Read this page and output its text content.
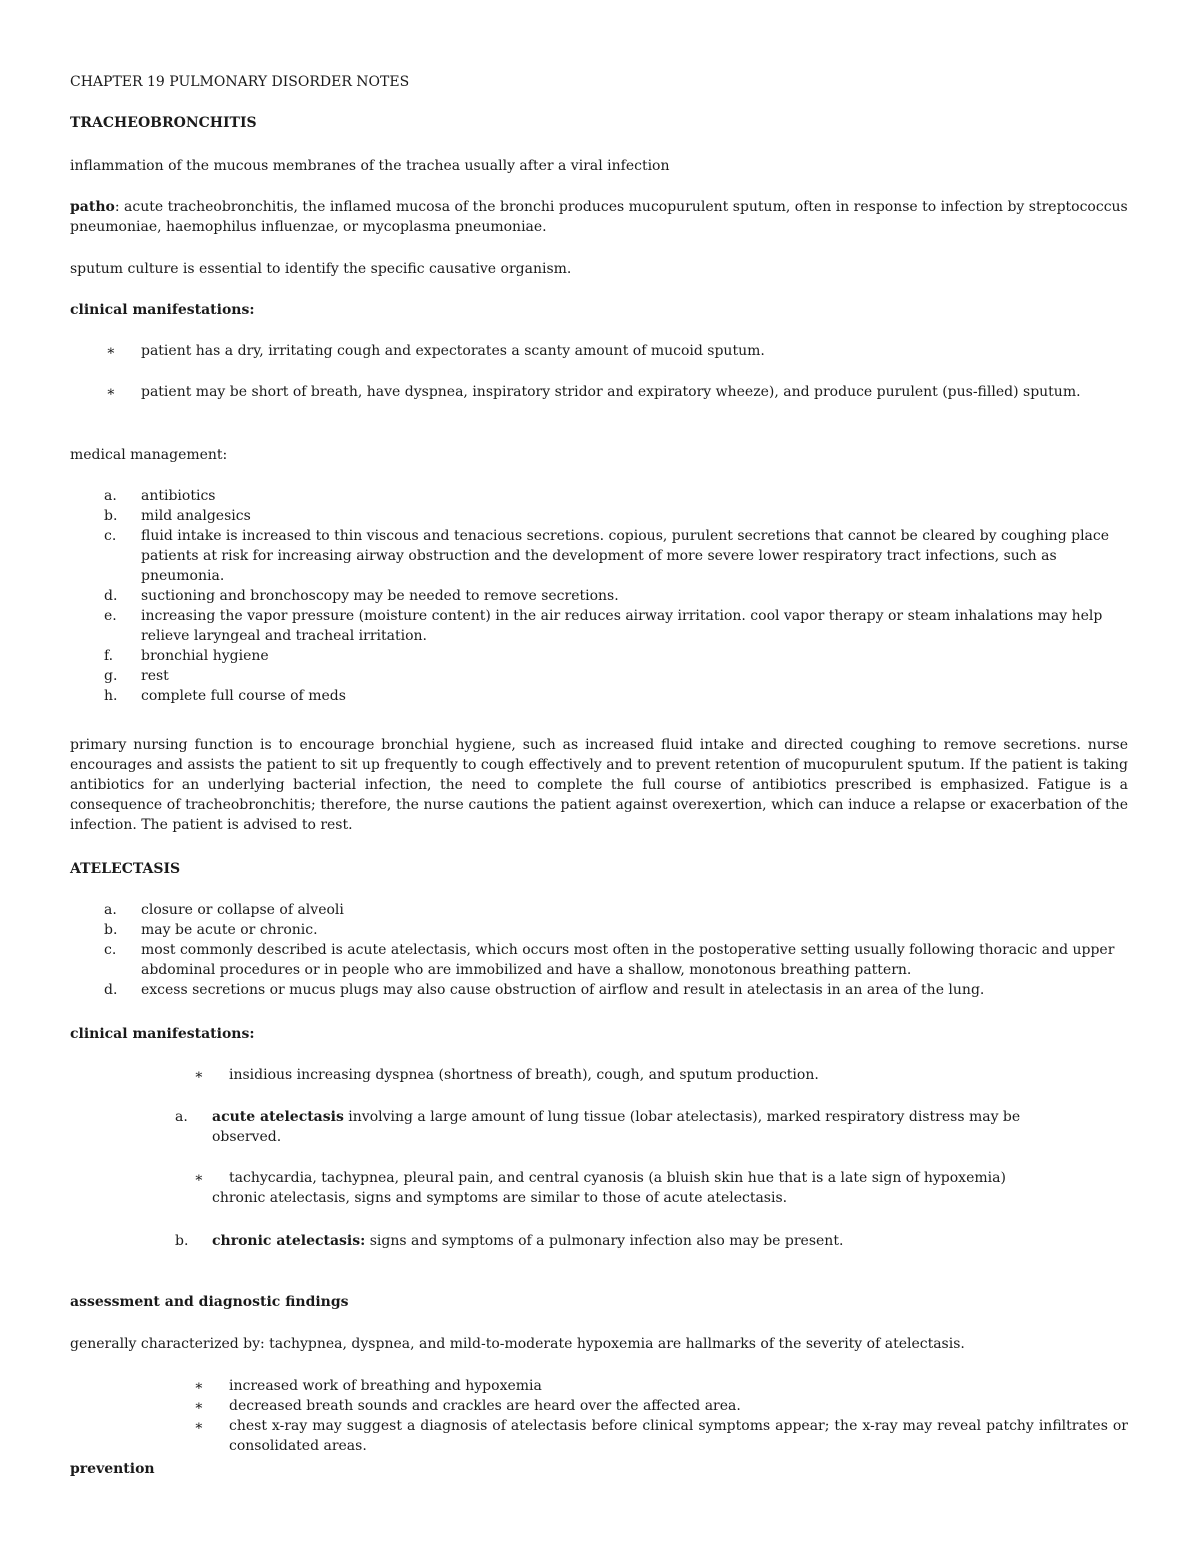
CHAPTER 19 PULMONARY DISORDER NOTES

TRACHEOBRONCHITIS

inflammation of the mucous membranes of the trachea usually after a viral infection

patho: acute tracheobronchitis, the inflamed mucosa of the bronchi produces mucopurulent sputum, often in response to infection by streptococcus pneumoniae, haemophilus influenzae, or mycoplasma pneumoniae.

sputum culture is essential to identify the specific causative organism.

clinical manifestations:

∗ patient has a dry, irritating cough and expectorates a scanty amount of mucoid sputum.
∗ patient may be short of breath, have dyspnea, inspiratory stridor and expiratory wheeze), and produce purulent (pus-filled) sputum.

medical management:

a. antibiotics
b. mild analgesics
c. fluid intake is increased to thin viscous and tenacious secretions. copious, purulent secretions that cannot be cleared by coughing place patients at risk for increasing airway obstruction and the development of more severe lower respiratory tract infections, such as pneumonia.
d. suctioning and bronchoscopy may be needed to remove secretions.
e. increasing the vapor pressure (moisture content) in the air reduces airway irritation. cool vapor therapy or steam inhalations may help relieve laryngeal and tracheal irritation.
f. bronchial hygiene
g. rest
h. complete full course of meds

primary nursing function is to encourage bronchial hygiene, such as increased fluid intake and directed coughing to remove secretions. nurse encourages and assists the patient to sit up frequently to cough effectively and to prevent retention of mucopurulent sputum. If the patient is taking antibiotics for an underlying bacterial infection, the need to complete the full course of antibiotics prescribed is emphasized. Fatigue is a consequence of tracheobronchitis; therefore, the nurse cautions the patient against overexertion, which can induce a relapse or exacerbation of the infection. The patient is advised to rest.

ATELECTASIS

a. closure or collapse of alveoli
b. may be acute or chronic.
c. most commonly described is acute atelectasis, which occurs most often in the postoperative setting usually following thoracic and upper abdominal procedures or in people who are immobilized and have a shallow, monotonous breathing pattern.
d. excess secretions or mucus plugs may also cause obstruction of airflow and result in atelectasis in an area of the lung.

clinical manifestations:

∗ insidious increasing dyspnea (shortness of breath), cough, and sputum production.
a. acute atelectasis involving a large amount of lung tissue (lobar atelectasis), marked respiratory distress may be observed.
∗ tachycardia, tachypnea, pleural pain, and central cyanosis (a bluish skin hue that is a late sign of hypoxemia)

chronic atelectasis, signs and symptoms are similar to those of acute atelectasis.

b. chronic atelectasis: signs and symptoms of a pulmonary infection also may be present.

assessment and diagnostic findings

generally characterized by: tachypnea, dyspnea, and mild-to-moderate hypoxemia are hallmarks of the severity of atelectasis.

∗ increased work of breathing and hypoxemia
∗ decreased breath sounds and crackles are heard over the affected area.
∗ chest x-ray may suggest a diagnosis of atelectasis before clinical symptoms appear; the x-ray may reveal patchy infiltrates or consolidated areas.

prevention
